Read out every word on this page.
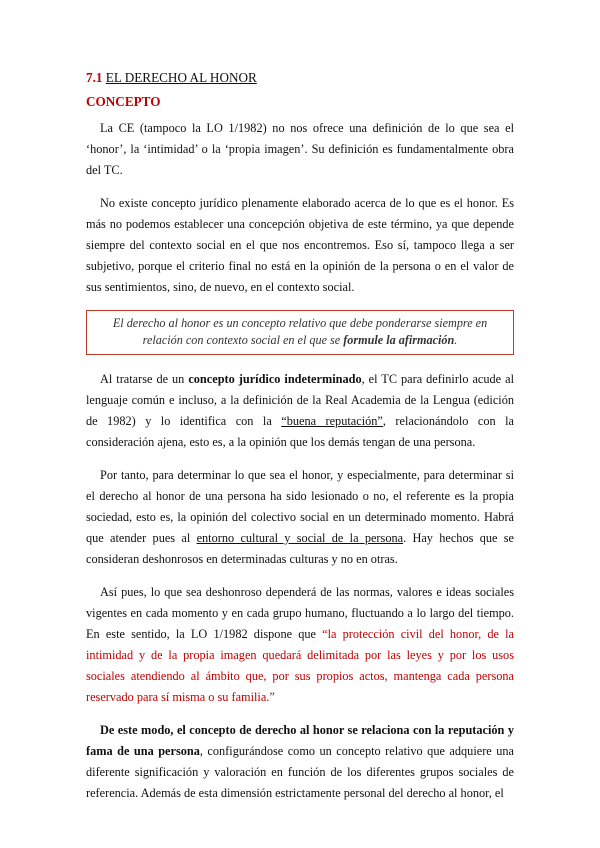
7.1 EL DERECHO AL HONOR
CONCEPTO

La CE (tampoco la LO 1/1982) no nos ofrece una definición de lo que sea el ‘honor’, la ‘intimidad’ o la ‘propia imagen’. Su definición es fundamentalmente obra del TC.

No existe concepto jurídico plenamente elaborado acerca de lo que es el honor. Es más no podemos establecer una concepción objetiva de este término, ya que depende siempre del contexto social en el que nos encontremos. Eso sí, tampoco llega a ser subjetivo, porque el criterio final no está en la opinión de la persona o en el valor de sus sentimientos, sino, de nuevo, en el contexto social.

El derecho al honor es un concepto relativo que debe ponderarse siempre en relación con contexto social en el que se formule la afirmación.

Al tratarse de un concepto jurídico indeterminado, el TC para definirlo acude al lenguaje común e incluso, a la definición de la Real Academia de la Lengua (edición de 1982) y lo identifica con la “buena reputación”, relacionándolo con la consideración ajena, esto es, a la opinión que los demás tengan de una persona.

Por tanto, para determinar lo que sea el honor, y especialmente, para determinar si el derecho al honor de una persona ha sido lesionado o no, el referente es la propia sociedad, esto es, la opinión del colectivo social en un determinado momento. Habrá que atender pues al entorno cultural y social de la persona. Hay hechos que se consideran deshonrosos en determinadas culturas y no en otras.

Así pues, lo que sea deshonroso dependerá de las normas, valores e ideas sociales vigentes en cada momento y en cada grupo humano, fluctuando a lo largo del tiempo. En este sentido, la LO 1/1982 dispone que “la protección civil del honor, de la intimidad y de la propia imagen quedará delimitada por las leyes y por los usos sociales atendiendo al ámbito que, por sus propios actos, mantenga cada persona reservado para sí misma o su familia.”

De este modo, el concepto de derecho al honor se relaciona con la reputación y fama de una persona, configurándose como un concepto relativo que adquiere una diferente significación y valoración en función de los diferentes grupos sociales de referencia. Además de esta dimensión estrictamente personal del derecho al honor, el
